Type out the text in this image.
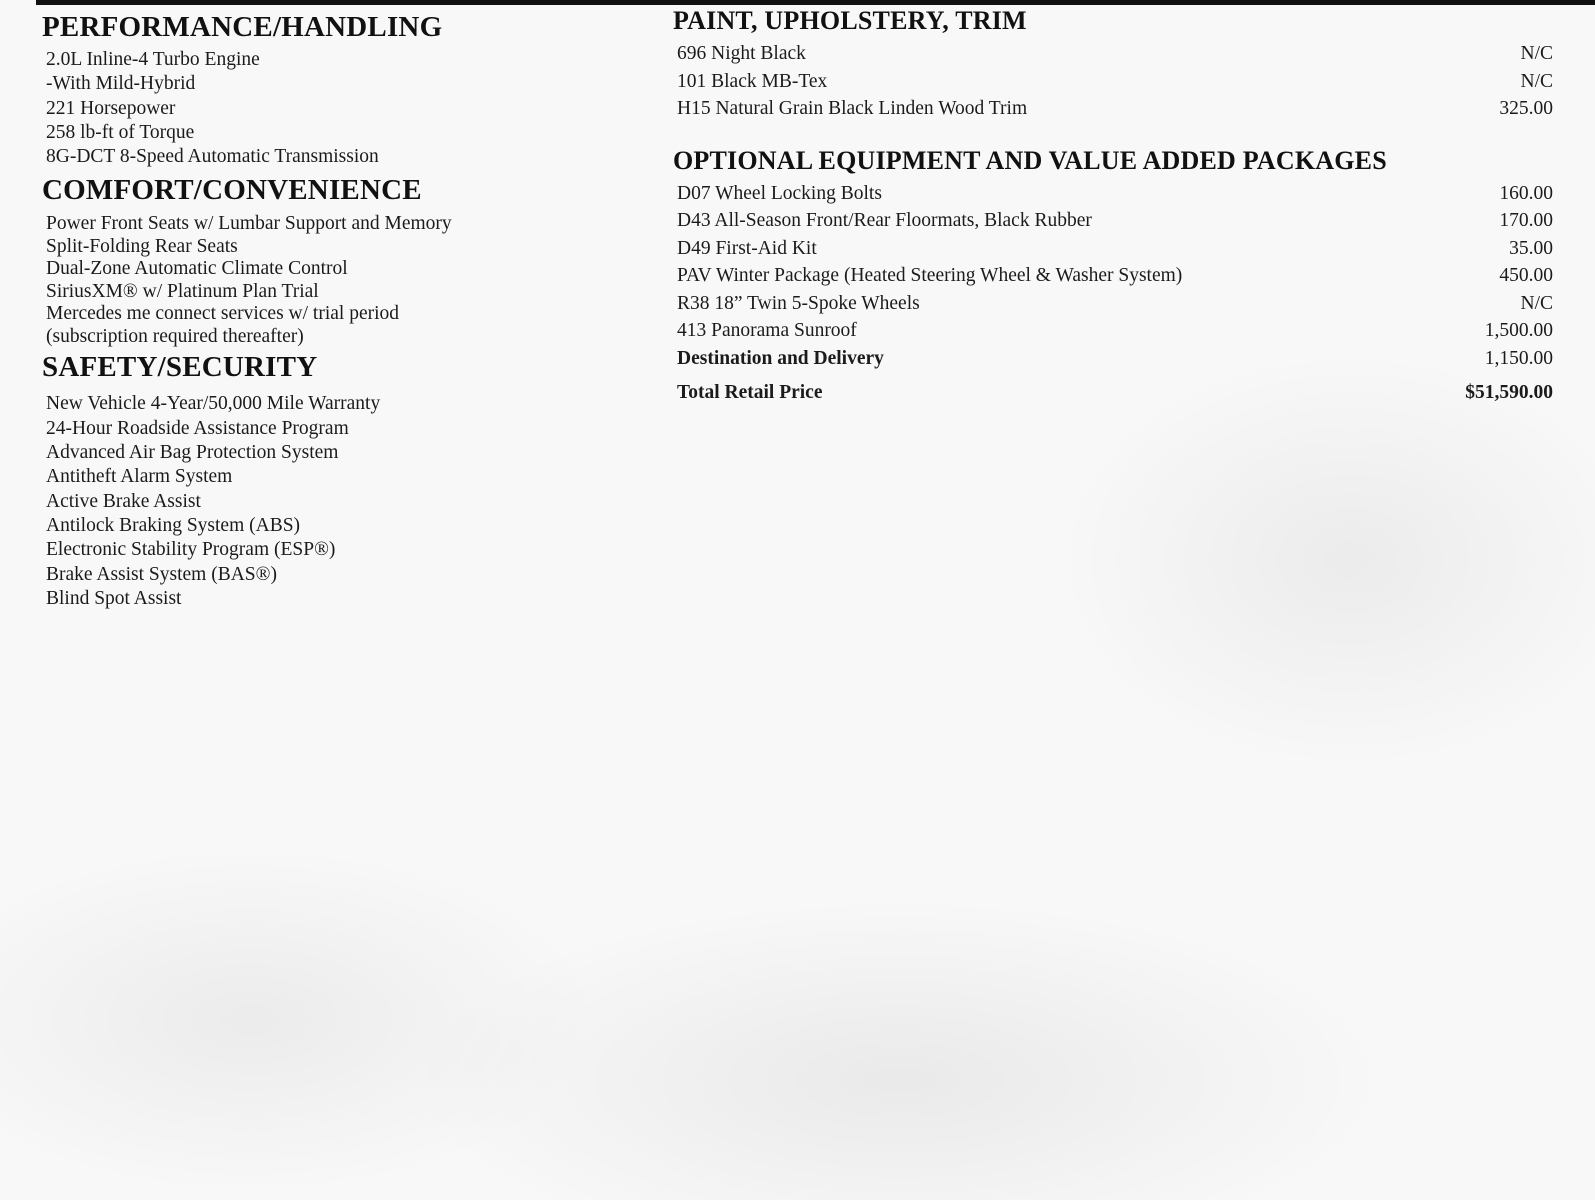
PERFORMANCE/HANDLING
2.0L Inline-4 Turbo Engine
-With Mild-Hybrid
221 Horsepower
258 lb-ft of Torque
8G-DCT 8-Speed Automatic Transmission
COMFORT/CONVENIENCE
Power Front Seats w/ Lumbar Support and Memory
Split-Folding Rear Seats
Dual-Zone Automatic Climate Control
SiriusXM® w/ Platinum Plan Trial
Mercedes me connect services w/ trial period
(subscription required thereafter)
SAFETY/SECURITY
New Vehicle 4-Year/50,000 Mile Warranty
24-Hour Roadside Assistance Program
Advanced Air Bag Protection System
Antitheft Alarm System
Active Brake Assist
Antilock Braking System (ABS)
Electronic Stability Program (ESP®)
Brake Assist System (BAS®)
Blind Spot Assist
PAINT, UPHOLSTERY, TRIM
696 Night Black	N/C
101 Black MB-Tex	N/C
H15 Natural Grain Black Linden Wood Trim	325.00
OPTIONAL EQUIPMENT AND VALUE ADDED PACKAGES
D07 Wheel Locking Bolts	160.00
D43 All-Season Front/Rear Floormats, Black Rubber	170.00
D49 First-Aid Kit	35.00
PAV Winter Package (Heated Steering Wheel & Washer System)	450.00
R38 18” Twin 5-Spoke Wheels	N/C
413 Panorama Sunroof	1,500.00
Destination and Delivery	1,150.00
Total Retail Price	$51,590.00
